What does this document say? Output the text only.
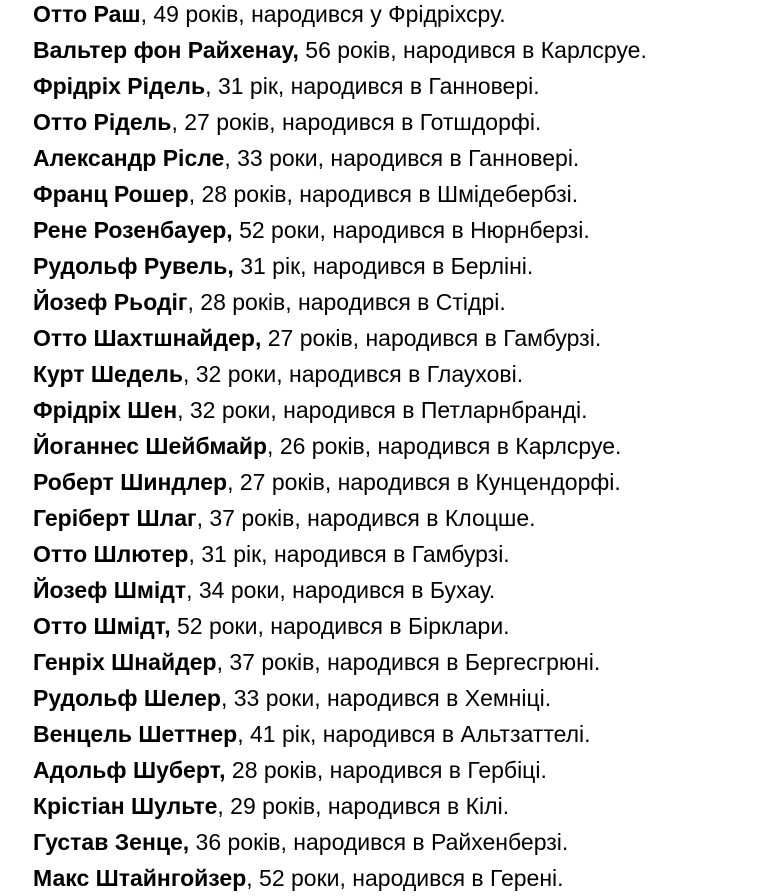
Отто Раш, 49 років, народився у Фрідріхсру.
Вальтер фон Райхенау, 56 років, народився в Карлсруе.
Фрідріх Рідель, 31 рік, народився в Ганновері.
Отто Рідель, 27 років, народився в Готшдорфі.
Александр Рісле, 33 роки, народився в Ганновері.
Франц Рошер, 28 років, народився в Шмідебербзі.
Рене Розенбауер, 52 роки, народився в Нюрнберзі.
Рудольф Рувель, 31 рік, народився в Берліні.
Йозеф Рьодіг, 28 років, народився в Стідрі.
Отто Шахтшнайдер, 27 років, народився в Гамбурзі.
Курт Шедель, 32 роки, народився в Глаухові.
Фрідріх Шен, 32 роки, народився в Петларнбранді.
Йоганнес Шейбмайр, 26 років, народився в Карлсруе.
Роберт Шиндлер, 27 років, народився в Кунцендорфі.
Геріберт Шлаг, 37 років, народився в Клоцше.
Отто Шлютер, 31 рік, народився в Гамбурзі.
Йозеф Шмідт, 34 роки, народився в Бухау.
Отто Шмідт, 52 роки, народився в Бірклари.
Генріх Шнайдер, 37 років, народився в Бергесгрюні.
Рудольф Шелер, 33 роки, народився в Хемніці.
Венцель Шеттнер, 41 рік, народився в Альтзаттелі.
Адольф Шуберт, 28 років, народився в Гербіці.
Крістіан Шульте, 29 років, народився в Кілі.
Густав Зенце, 36 років, народився в Райхенберзі.
Макс Штайнгойзер, 52 роки, народився в Герені.
